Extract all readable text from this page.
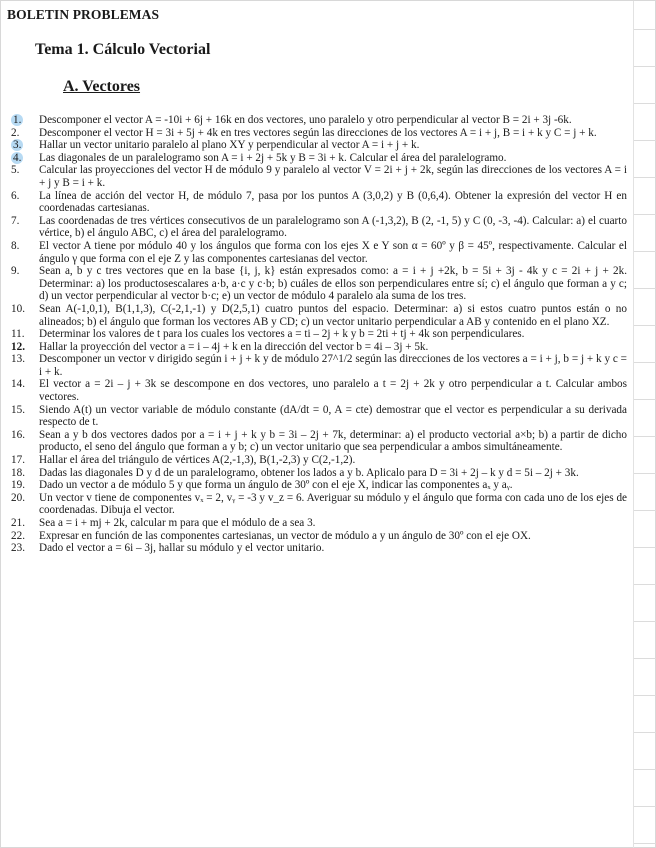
BOLETIN PROBLEMAS
Tema 1. Cálculo Vectorial
A. Vectores
1.	Descomponer el vector A = -10i + 6j + 16k en dos vectores, uno paralelo y otro perpendicular al vector B = 2i + 3j -6k.
2.	Descomponer el vector H = 3i + 5j + 4k en tres vectores según las direcciones de los vectores A = i + j, B = i + k y C = j + k.
3.	Hallar un vector unitario paralelo al plano XY y perpendicular al vector A = i + j + k.
4.	Las diagonales de un paralelogramo son A = i + 2j + 5k y B = 3i + k. Calcular el área del paralelogramo.
5.	Calcular las proyecciones del vector H de módulo 9 y paralelo al vector V = 2i + j + 2k, según las direcciones de los vectores A = i + j y B = i + k.
6.	La línea de acción del vector H, de módulo 7, pasa por los puntos A (3,0,2) y B (0,6,4). Obtener la expresión del vector H en coordenadas cartesianas.
7.	Las coordenadas de tres vértices consecutivos de un paralelogramo son A (-1,3,2), B (2, -1, 5) y C (0, -3, -4). Calcular: a) el cuarto vértice, b) el ángulo ABC, c) el área del paralelogramo.
8.	El vector A tiene por módulo 40 y los ángulos que forma con los ejes X e Y son α = 60º y β = 45º, respectivamente. Calcular el ángulo γ que forma con el eje Z y las componentes cartesianas del vector.
9.	Sean a, b y c tres vectores que en la base {i, j, k} están expresados como: a = i + j +2k, b = 5i + 3j - 4k y c = 2i + j + 2k. Determinar: a) los productosescalares a·b, a·c y c·b; b) cuáles de ellos son perpendiculares entre sí; c) el ángulo que forman a y c; d) un vector perpendicular al vector b·c; e) un vector de módulo 4 paralelo ala suma de los tres.
10.	Sean A(-1,0,1), B(1,1,3), C(-2,1,-1) y D(2,5,1) cuatro puntos del espacio. Determinar: a) si estos cuatro puntos están o no alineados; b) el ángulo que forman los vectores AB y CD; c) un vector unitario perpendicular a AB y contenido en el plano XZ.
11.	Determinar los valores de t para los cuales los vectores a = ti – 2j + k y b = 2ti + tj + 4k son perpendiculares.
12.	Hallar la proyección del vector a = i – 4j + k en la dirección del vector b = 4i – 3j + 5k.
13.	Descomponer un vector v dirigido según i + j + k y de módulo 27^1/2 según las direcciones de los vectores a = i + j, b = j + k y c = i + k.
14.	El vector a = 2i – j + 3k se descompone en dos vectores, uno paralelo a t = 2j + 2k y otro perpendicular a t. Calcular ambos vectores.
15.	Siendo A(t) un vector variable de módulo constante (dA/dt = 0, A = cte) demostrar que el vector es perpendicular a su derivada respecto de t.
16.	Sean a y b dos vectores dados por a = i + j + k y b = 3i – 2j + 7k, determinar: a) el producto vectorial a×b; b) a partir de dicho producto, el seno del ángulo que forman a y b; c) un vector unitario que sea perpendicular a ambos simultáneamente.
17.	Hallar el área del triángulo de vértices A(2,-1,3), B(1,-2,3) y C(2,-1,2).
18.	Dadas las diagonales D y d de un paralelogramo, obtener los lados a y b. Aplicalo para D = 3i + 2j – k y d = 5i – 2j + 3k.
19.	Dado un vector a de módulo 5 y que forma un ángulo de 30º con el eje X, indicar las componentes aₓ y aᵧ.
20.	Un vector v tiene de componentes vₓ = 2, vᵧ = -3 y v_z = 6. Averiguar su módulo y el ángulo que forma con cada uno de los ejes de coordenadas. Dibuja el vector.
21.	Sea a = i + mj + 2k, calcular m para que el módulo de a sea 3.
22.	Expresar en función de las componentes cartesianas, un vector de módulo a y un ángulo de 30º con el eje OX.
23.	Dado el vector a = 6i – 3j, hallar su módulo y el vector unitario.
